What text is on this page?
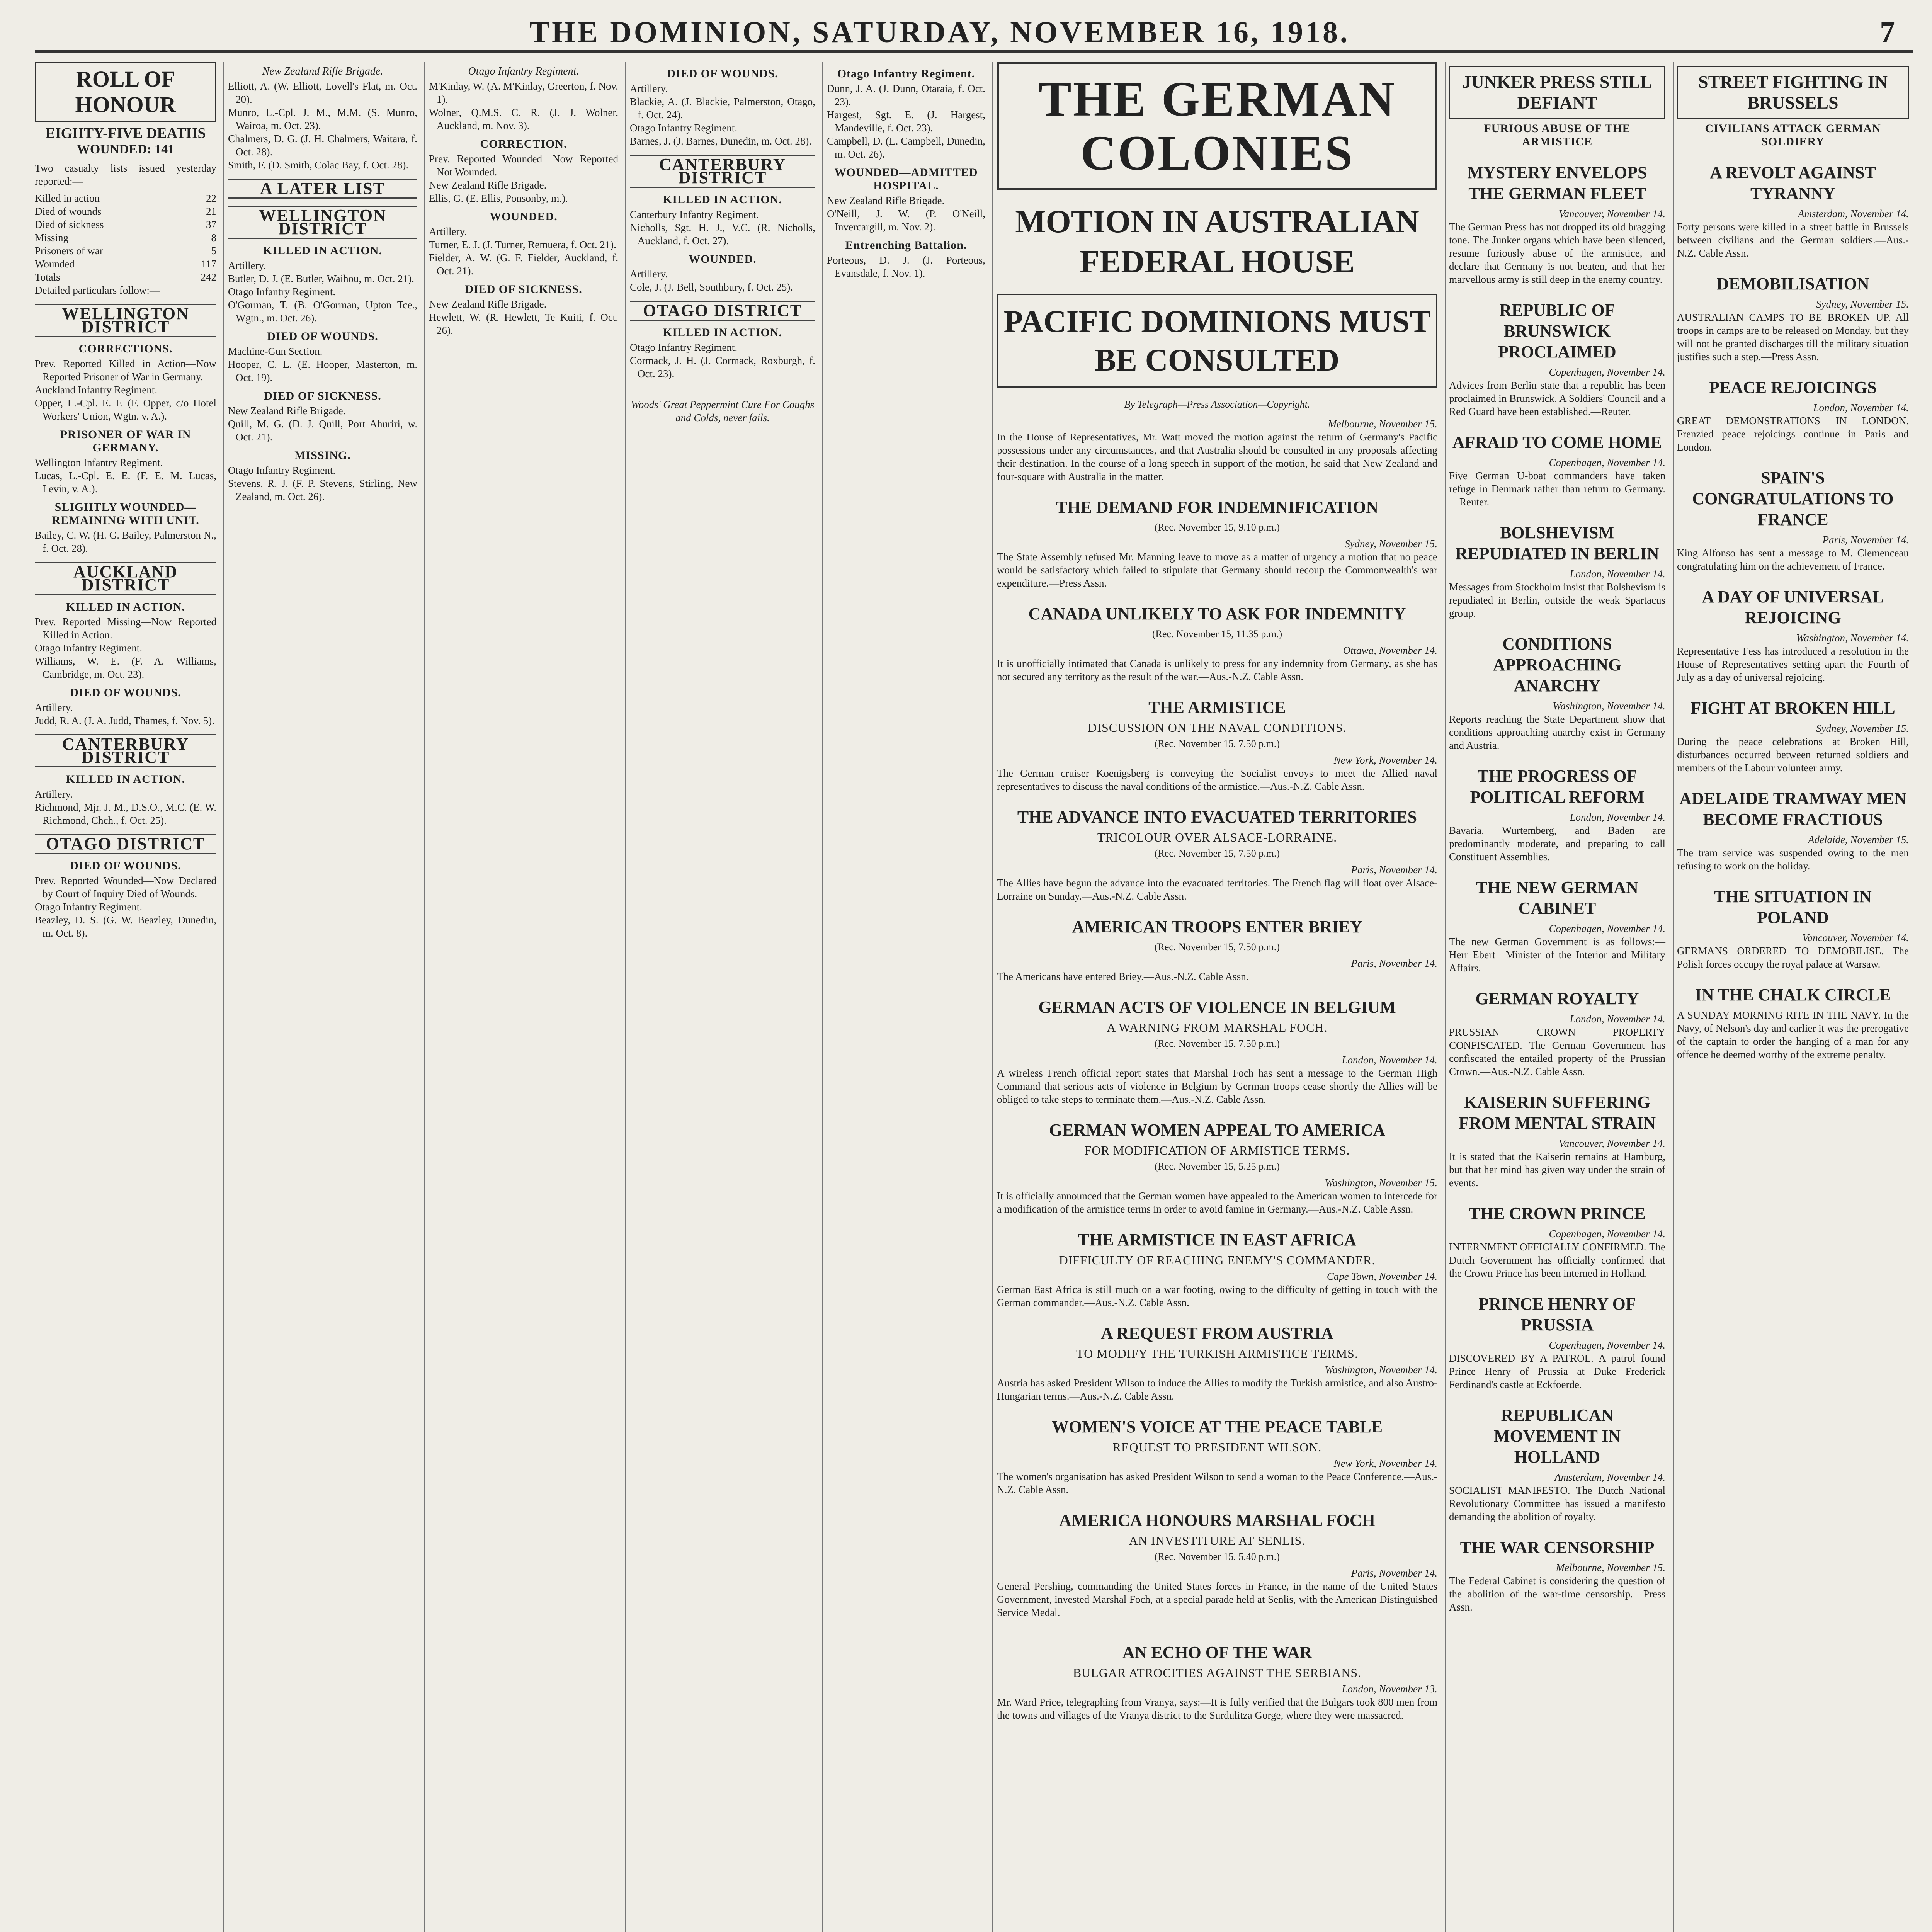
THE DOMINION, SATURDAY, NOVEMBER 16, 1918.	7
ROLL OF HONOUR
EIGHTY-FIVE DEATHS
WOUNDED: 141

Two casualty lists issued yesterday reported:—

Killed in action	22
Died of wounds	21
Died of sickness	37
Missing	8
Prisoners of war	5
Wounded	117
Totals	242

Detailed particulars follow:—

WELLINGTON DISTRICT
CORRECTIONS.

Prev. Reported Killed in Action—Now Reported Prisoner of War in Germany.

Auckland Infantry Regiment.

Opper, L.-Cpl. E. F. (F. Opper, c/o Hotel Workers' Union, Wgtn. v. A.).

PRISONER OF WAR IN GERMANY.

Wellington Infantry Regiment.

Lucas, L.-Cpl. E. E. (F. E. M. Lucas, Levin, v. A.).

SLIGHTLY WOUNDED—REMAINING WITH UNIT.

Bailey, C. W. (H. G. Bailey, Palmerston N., f. Oct. 28).

AUCKLAND DISTRICT
KILLED IN ACTION.

Prev. Reported Missing—Now Reported Killed in Action.

Otago Infantry Regiment.

Williams, W. E. (F. A. Williams, Cambridge, m. Oct. 23).

DIED OF WOUNDS.

Artillery.

Judd, R. A. (J. A. Judd, Thames, f. Nov. 5).

CANTERBURY DISTRICT
KILLED IN ACTION.

Artillery.

Richmond, Mjr. J. M., D.S.O., M.C. (E. W. Richmond, Chch., f. Oct. 25).

OTAGO DISTRICT
DIED OF WOUNDS.

Prev. Reported Wounded—Now Declared by Court of Inquiry Died of Wounds.

Otago Infantry Regiment.

Beazley, D. S. (G. W. Beazley, Dunedin, m. Oct. 8).

New Zealand Rifle Brigade.

Elliott, A. (W. Elliott, Lovell's Flat, m. Oct. 20).

Munro, L.-Cpl. J. M., M.M. (S. Munro, Wairoa, m. Oct. 23).

Chalmers, D. G. (J. H. Chalmers, Waitara, f. Oct. 28).

Smith, F. (D. Smith, Colac Bay, f. Oct. 28).

A LATER LIST
WELLINGTON DISTRICT
KILLED IN ACTION.

Artillery.

Butler, D. J. (E. Butler, Waihou, m. Oct. 21).

Otago Infantry Regiment.

O'Gorman, T. (B. O'Gorman, Upton Tce., Wgtn., m. Oct. 26).

DIED OF WOUNDS.

Machine-Gun Section.

Hooper, C. L. (E. Hooper, Masterton, m. Oct. 19).

DIED OF SICKNESS.

New Zealand Rifle Brigade.

Quill, M. G. (D. J. Quill, Port Ahuriri, w. Oct. 21).

MISSING.

Otago Infantry Regiment.

Stevens, R. J. (F. P. Stevens, Stirling, New Zealand, m. Oct. 26).

Otago Infantry Regiment.

M'Kinlay, W. (A. M'Kinlay, Greerton, f. Nov. 1).

Wolner, Q.M.S. C. R. (J. J. Wolner, Auckland, m. Nov. 3).

CORRECTION.

Prev. Reported Wounded—Now Reported Not Wounded.

New Zealand Rifle Brigade.

Ellis, G. (E. Ellis, Ponsonby, m.).

WOUNDED.

Artillery.

Turner, E. J. (J. Turner, Remuera, f. Oct. 21).

Fielder, A. W. (G. F. Fielder, Auckland, f. Oct. 21).

DIED OF SICKNESS.

New Zealand Rifle Brigade.

Hewlett, W. (R. Hewlett, Te Kuiti, f. Oct. 26).

DIED OF WOUNDS.

Artillery.

Blackie, A. (J. Blackie, Palmerston, Otago, f. Oct. 24).

Otago Infantry Regiment.

Barnes, J. (J. Barnes, Dunedin, m. Oct. 28).

CANTERBURY DISTRICT
KILLED IN ACTION.

Canterbury Infantry Regiment.

Nicholls, Sgt. H. J., V.C. (R. Nicholls, Auckland, f. Oct. 27).

WOUNDED.

Artillery.

Cole, J. (J. Bell, Southbury, f. Oct. 25).

OTAGO DISTRICT
KILLED IN ACTION.

Otago Infantry Regiment.

Cormack, J. H. (J. Cormack, Roxburgh, f. Oct. 23).

Woods' Great Peppermint Cure For Coughs and Colds, never fails.

Otago Infantry Regiment.

Dunn, J. A. (J. Dunn, Otaraia, f. Oct. 23).

Hargest, Sgt. E. (J. Hargest, Mandeville, f. Oct. 23).

Campbell, D. (L. Campbell, Dunedin, m. Oct. 26).

WOUNDED—ADMITTED HOSPITAL.

New Zealand Rifle Brigade.

O'Neill, J. W. (P. O'Neill, Invercargill, m. Nov. 2).

Entrenching Battalion.

Porteous, D. J. (J. Porteous, Evansdale, f. Nov. 1).

THE GERMAN COLONIES
MOTION IN AUSTRALIAN FEDERAL HOUSE
PACIFIC DOMINIONS MUST BE CONSULTED
By Telegraph—Press Association—Copyright.
Melbourne, November 15.

In the House of Representatives, Mr. Watt moved the motion against the return of Germany's Pacific possessions under any circumstances, and that Australia should be consulted in any proposals affecting their destination. In the course of a long speech in support of the motion, he said that New Zealand and four-square with Australia in the matter.

THE DEMAND FOR INDEMNIFICATION
(Rec. November 15, 9.10 p.m.)
Sydney, November 15.

The State Assembly refused Mr. Manning leave to move as a matter of urgency a motion that no peace would be satisfactory which failed to stipulate that Germany should recoup the Commonwealth's war expenditure.—Press Assn.

CANADA UNLIKELY TO ASK FOR INDEMNITY
(Rec. November 15, 11.35 p.m.)
Ottawa, November 14.

It is unofficially intimated that Canada is unlikely to press for any indemnity from Germany, as she has not secured any territory as the result of the war.—Aus.-N.Z. Cable Assn.

THE ARMISTICE
DISCUSSION ON THE NAVAL CONDITIONS.
(Rec. November 15, 7.50 p.m.)
New York, November 14.

The German cruiser Koenigsberg is conveying the Socialist envoys to meet the Allied naval representatives to discuss the naval conditions of the armistice.—Aus.-N.Z. Cable Assn.

THE ADVANCE INTO EVACUATED TERRITORIES
TRICOLOUR OVER ALSACE-LORRAINE.
(Rec. November 15, 7.50 p.m.)
Paris, November 14.

The Allies have begun the advance into the evacuated territories. The French flag will float over Alsace-Lorraine on Sunday.—Aus.-N.Z. Cable Assn.

AMERICAN TROOPS ENTER BRIEY
(Rec. November 15, 7.50 p.m.)
Paris, November 14.

The Americans have entered Briey.—Aus.-N.Z. Cable Assn.

GERMAN ACTS OF VIOLENCE IN BELGIUM
A WARNING FROM MARSHAL FOCH.
(Rec. November 15, 7.50 p.m.)
London, November 14.

A wireless French official report states that Marshal Foch has sent a message to the German High Command that serious acts of violence in Belgium by German troops cease shortly the Allies will be obliged to take steps to terminate them.—Aus.-N.Z. Cable Assn.

GERMAN WOMEN APPEAL TO AMERICA
FOR MODIFICATION OF ARMISTICE TERMS.
(Rec. November 15, 5.25 p.m.)
Washington, November 15.

It is officially announced that the German women have appealed to the American women to intercede for a modification of the armistice terms in order to avoid famine in Germany.—Aus.-N.Z. Cable Assn.

THE ARMISTICE IN EAST AFRICA
DIFFICULTY OF REACHING ENEMY'S COMMANDER.
Cape Town, November 14.

German East Africa is still much on a war footing, owing to the difficulty of getting in touch with the German commander.—Aus.-N.Z. Cable Assn.

A REQUEST FROM AUSTRIA
TO MODIFY THE TURKISH ARMISTICE TERMS.
Washington, November 14.

Austria has asked President Wilson to induce the Allies to modify the Turkish armistice, and also Austro-Hungarian terms.—Aus.-N.Z. Cable Assn.

WOMEN'S VOICE AT THE PEACE TABLE
REQUEST TO PRESIDENT WILSON.
New York, November 14.

The women's organisation has asked President Wilson to send a woman to the Peace Conference.—Aus.-N.Z. Cable Assn.

AMERICA HONOURS MARSHAL FOCH
AN INVESTITURE AT SENLIS.
(Rec. November 15, 5.40 p.m.)
Paris, November 14.

General Pershing, commanding the United States forces in France, in the name of the United States Government, invested Marshal Foch, at a special parade held at Senlis, with the American Distinguished Service Medal.

AN ECHO OF THE WAR
BULGAR ATROCITIES AGAINST THE SERBIANS.
London, November 13.

Mr. Ward Price, telegraphing from Vranya, says:—It is fully verified that the Bulgars took 800 men from the towns and villages of the Vranya district to the Surdulitza Gorge, where they were massacred.

JUNKER PRESS STILL DEFIANT
FURIOUS ABUSE OF THE ARMISTICE
MYSTERY ENVELOPS THE GERMAN FLEET
Vancouver, November 14.

The German Press has not dropped its old bragging tone. The Junker organs which have been silenced, resume furiously abuse of the armistice, and declare that Germany is not beaten, and that her marvellous army is still deep in the enemy country.

REPUBLIC OF BRUNSWICK PROCLAIMED
Copenhagen, November 14.

Advices from Berlin state that a republic has been proclaimed in Brunswick. A Soldiers' Council and a Red Guard have been established.—Reuter.

AFRAID TO COME HOME
Copenhagen, November 14.

Five German U-boat commanders have taken refuge in Denmark rather than return to Germany.—Reuter.

BOLSHEVISM REPUDIATED IN BERLIN
London, November 14.

Messages from Stockholm insist that Bolshevism is repudiated in Berlin, outside the weak Spartacus group.

CONDITIONS APPROACHING ANARCHY
Washington, November 14.

Reports reaching the State Department show that conditions approaching anarchy exist in Germany and Austria.

THE PROGRESS OF POLITICAL REFORM
London, November 14.

Bavaria, Wurtemberg, and Baden are predominantly moderate, and preparing to call Constituent Assemblies.

THE NEW GERMAN CABINET
Copenhagen, November 14.

The new German Government is as follows:— Herr Ebert—Minister of the Interior and Military Affairs.

GERMAN ROYALTY
London, November 14.

PRUSSIAN CROWN PROPERTY CONFISCATED. The German Government has confiscated the entailed property of the Prussian Crown.—Aus.-N.Z. Cable Assn.

KAISERIN SUFFERING FROM MENTAL STRAIN
Vancouver, November 14.

It is stated that the Kaiserin remains at Hamburg, but that her mind has given way under the strain of events.

THE CROWN PRINCE
Copenhagen, November 14.

INTERNMENT OFFICIALLY CONFIRMED. The Dutch Government has officially confirmed that the Crown Prince has been interned in Holland.

PRINCE HENRY OF PRUSSIA
Copenhagen, November 14.

DISCOVERED BY A PATROL. A patrol found Prince Henry of Prussia at Duke Frederick Ferdinand's castle at Eckfoerde.

REPUBLICAN MOVEMENT IN HOLLAND
Amsterdam, November 14.

SOCIALIST MANIFESTO. The Dutch National Revolutionary Committee has issued a manifesto demanding the abolition of royalty.

THE WAR CENSORSHIP
Melbourne, November 15.

The Federal Cabinet is considering the question of the abolition of the war-time censorship.—Press Assn.

STREET FIGHTING IN BRUSSELS
CIVILIANS ATTACK GERMAN SOLDIERY
A REVOLT AGAINST TYRANNY
Amsterdam, November 14.

Forty persons were killed in a street battle in Brussels between civilians and the German soldiers.—Aus.-N.Z. Cable Assn.

DEMOBILISATION
Sydney, November 15.

AUSTRALIAN CAMPS TO BE BROKEN UP. All troops in camps are to be released on Monday, but they will not be granted discharges till the military situation justifies such a step.—Press Assn.

PEACE REJOICINGS
London, November 14.

GREAT DEMONSTRATIONS IN LONDON. Frenzied peace rejoicings continue in Paris and London.

SPAIN'S CONGRATULATIONS TO FRANCE
Paris, November 14.

King Alfonso has sent a message to M. Clemenceau congratulating him on the achievement of France.

A DAY OF UNIVERSAL REJOICING
Washington, November 14.

Representative Fess has introduced a resolution in the House of Representatives setting apart the Fourth of July as a day of universal rejoicing.

FIGHT AT BROKEN HILL
Sydney, November 15.

During the peace celebrations at Broken Hill, disturbances occurred between returned soldiers and members of the Labour volunteer army.

ADELAIDE TRAMWAY MEN BECOME FRACTIOUS
Adelaide, November 15.

The tram service was suspended owing to the men refusing to work on the holiday.

THE SITUATION IN POLAND
Vancouver, November 14.

GERMANS ORDERED TO DEMOBILISE. The Polish forces occupy the royal palace at Warsaw.

IN THE CHALK CIRCLE

A SUNDAY MORNING RITE IN THE NAVY. In the Navy, of Nelson's day and earlier it was the prerogative of the captain to order the hanging of a man for any offence he deemed worthy of the extreme penalty.
